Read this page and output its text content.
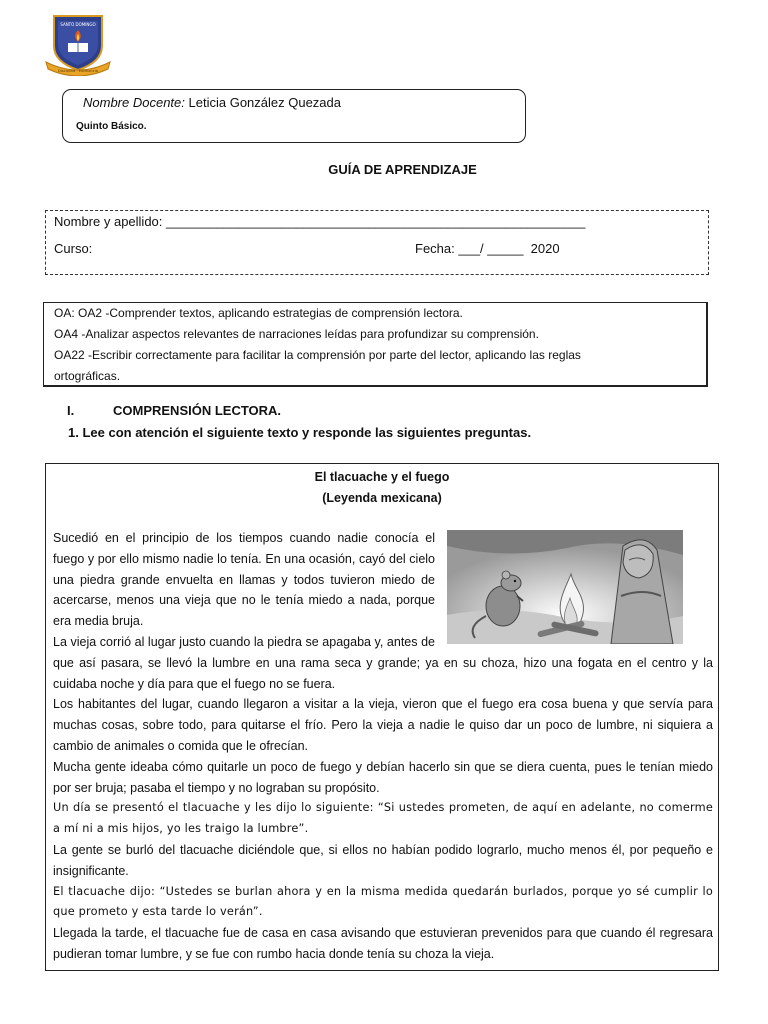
SANTO DOMINGO
Disciplina · Excelencia
Nombre Docente: Leticia González Quezada
Quinto Básico.
GUÍA DE APRENDIZAJE
Nombre y apellido: __________________________________________________________
Curso:	Fecha: ___/ _____  2020
OA: OA2 -Comprender textos, aplicando estrategias de comprensión lectora.
OA4 -Analizar aspectos relevantes de narraciones leídas para profundizar su comprensión.
OA22 -Escribir correctamente para facilitar la comprensión por parte del lector, aplicando las reglas
ortográficas.
I.	COMPRENSIÓN LECTORA.
1. Lee con atención el siguiente texto y responde las siguientes preguntas.
El tlacuache y el fuego
(Leyenda mexicana)

Sucedió en el principio de los tiempos cuando nadie conocía el fuego y por ello mismo nadie lo tenía. En una ocasión, cayó del cielo una piedra grande envuelta en llamas y todos tuvieron miedo de acercarse, menos una vieja que no le tenía miedo a nada, porque era media bruja.

La vieja corrió al lugar justo cuando la piedra se apagaba y, antes de que así pasara, se llevó la lumbre en una rama seca y grande; ya en su choza, hizo una fogata en el centro y la cuidaba noche y día para que el fuego no se fuera.

Los habitantes del lugar, cuando llegaron a visitar a la vieja, vieron que el fuego era cosa buena y que servía para muchas cosas, sobre todo, para quitarse el frío. Pero la vieja a nadie le quiso dar un poco de lumbre, ni siquiera a cambio de animales o comida que le ofrecían.

Mucha gente ideaba cómo quitarle un poco de fuego y debían hacerlo sin que se diera cuenta, pues le tenían miedo por ser bruja; pasaba el tiempo y no lograban su propósito.

Un día se presentó el tlacuache y les dijo lo siguiente: “Si ustedes prometen, de aquí en adelante, no comerme a mí ni a mis hijos, yo les traigo la lumbre”.

La gente se burló del tlacuache diciéndole que, si ellos no habían podido lograrlo, mucho menos él, por pequeño e insignificante.

El tlacuache dijo: “Ustedes se burlan ahora y en la misma medida quedarán burlados, porque yo sé cumplir lo que prometo y esta tarde lo verán”.

Llegada la tarde, el tlacuache fue de casa en casa avisando que estuvieran prevenidos para que cuando él regresara pudieran tomar lumbre, y se fue con rumbo hacia donde tenía su choza la vieja.
